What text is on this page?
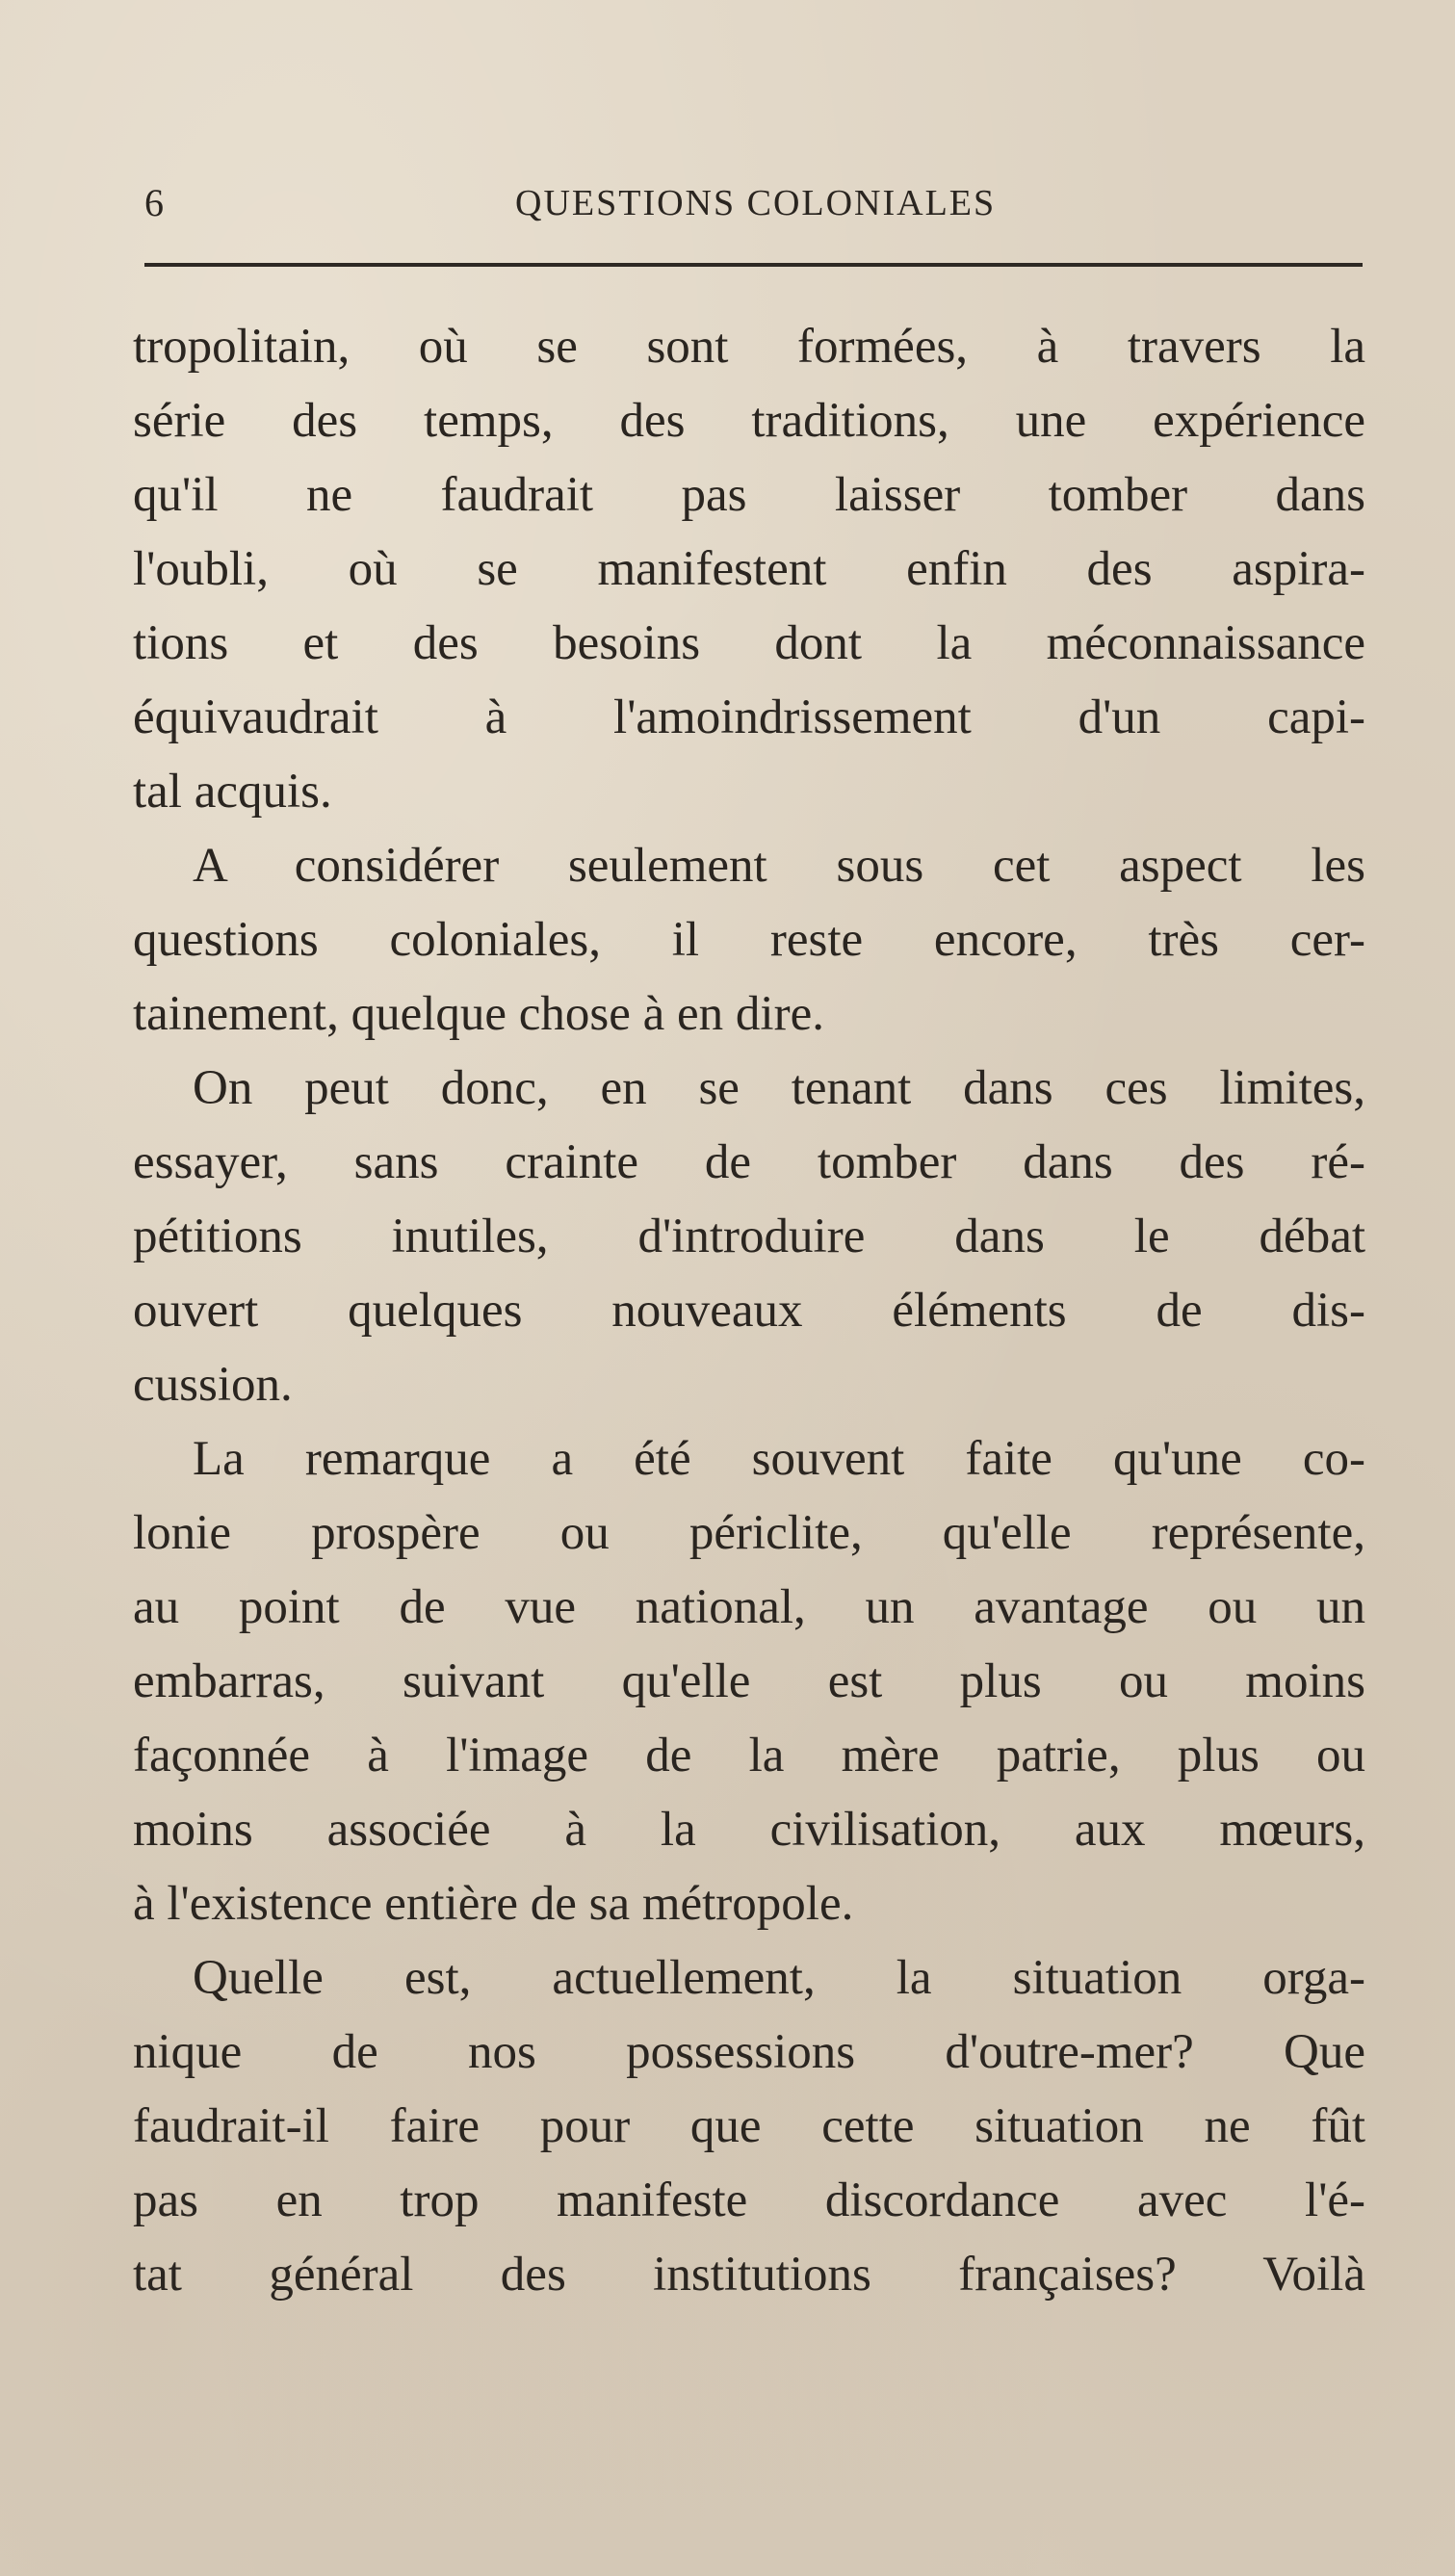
6	QUESTIONS COLONIALES
tropolitain, où se sont formées, à travers la
série des temps, des traditions, une expérience
qu'il ne faudrait pas laisser tomber dans
l'oubli, où se manifestent enfin des aspira-
tions et des besoins dont la méconnaissance
équivaudrait à l'amoindrissement d'un capi-
tal acquis.
A considérer seulement sous cet aspect les
questions coloniales, il reste encore, très cer-
tainement, quelque chose à en dire.
On peut donc, en se tenant dans ces limites,
essayer, sans crainte de tomber dans des ré-
pétitions inutiles, d'introduire dans le débat
ouvert quelques nouveaux éléments de dis-
cussion.
La remarque a été souvent faite qu'une co-
lonie prospère ou périclite, qu'elle représente,
au point de vue national, un avantage ou un
embarras, suivant qu'elle est plus ou moins
façonnée à l'image de la mère patrie, plus ou
moins associée à la civilisation, aux mœurs,
à l'existence entière de sa métropole.
Quelle est, actuellement, la situation orga-
nique de nos possessions d'outre-mer? Que
faudrait-il faire pour que cette situation ne fût
pas en trop manifeste discordance avec l'é-
tat général des institutions françaises? Voilà
